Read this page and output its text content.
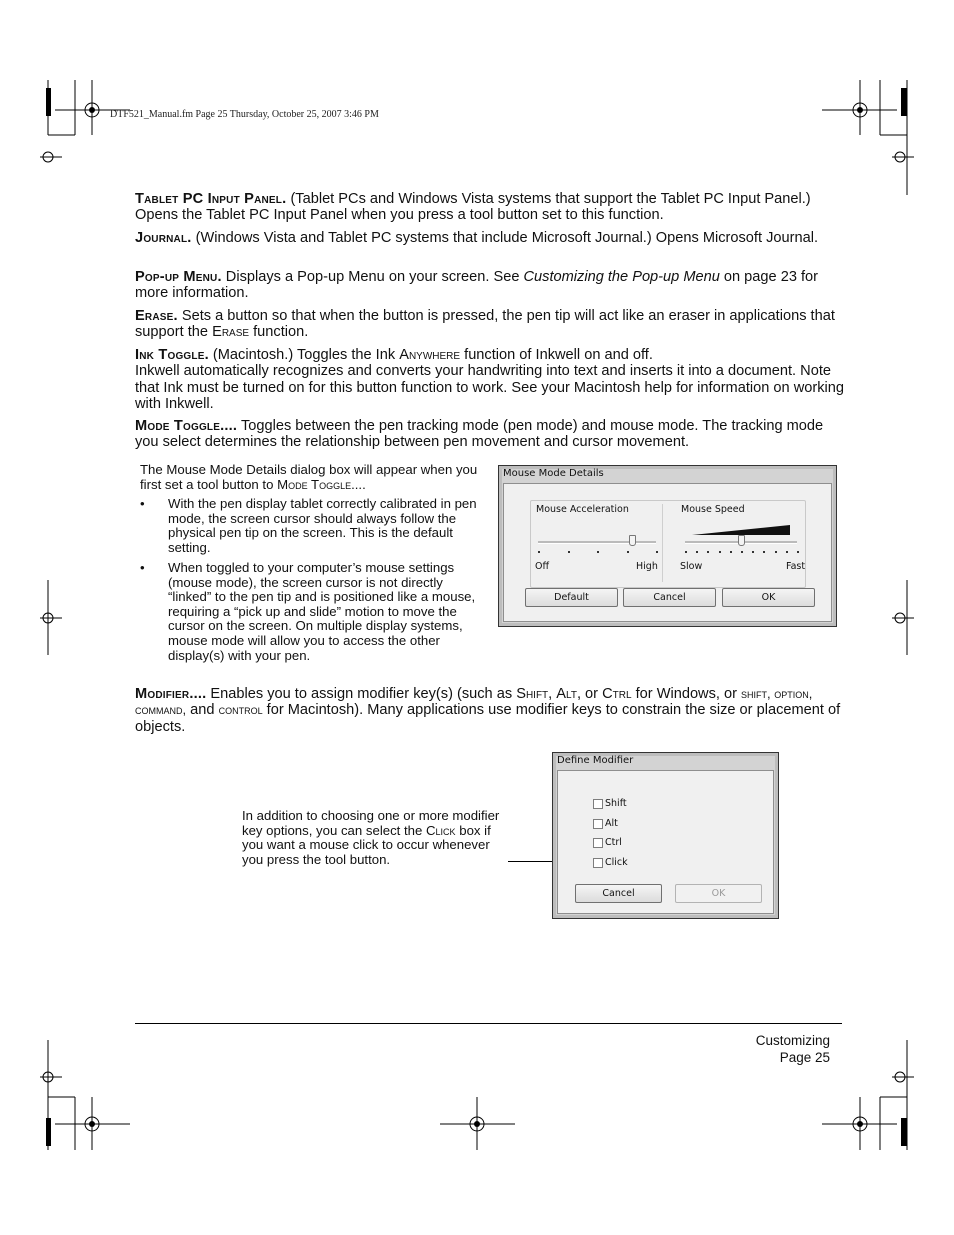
DTF521_Manual.fm Page 25 Thursday, October 25, 2007 3:46 PM
Tablet PC Input Panel. (Tablet PCs and Windows Vista systems that support the Tablet PC Input Panel.) Opens the Tablet PC Input Panel when you press a tool button set to this function.
Journal. (Windows Vista and Tablet PC systems that include Microsoft Journal.) Opens Microsoft Journal.
Pop-up Menu. Displays a Pop-up Menu on your screen. See Customizing the Pop-up Menu on page 23 for more information.
Erase. Sets a button so that when the button is pressed, the pen tip will act like an eraser in applications that support the Erase function.
Ink Toggle. (Macintosh.) Toggles the Ink Anywhere function of Inkwell on and off.
Inkwell automatically recognizes and converts your handwriting into text and inserts it into a document. Note that Ink must be turned on for this button function to work. See your Macintosh help for information on working with Inkwell.
Mode Toggle.... Toggles between the pen tracking mode (pen mode) and mouse mode. The tracking mode you select determines the relationship between pen movement and cursor movement.
The Mouse Mode Details dialog box will appear when you first set a tool button to Mode Toggle....
• With the pen display tablet correctly calibrated in pen mode, the screen cursor should always follow the physical pen tip on the screen. This is the default setting.
• When toggled to your computer’s mouse settings (mouse mode), the screen cursor is not directly “linked” to the pen tip and is positioned like a mouse, requiring a “pick up and slide” motion to move the cursor on the screen. On multiple display systems, mouse mode will allow you to access the other display(s) with your pen.
Mouse Mode Details
Mouse Acceleration
Off	High
Mouse Speed
Slow	Fast
Default	Cancel	OK
Modifier.... Enables you to assign modifier key(s) (such as Shift, Alt, or Ctrl for Windows, or shift, option, command, and control for Macintosh). Many applications use modifier keys to constrain the size or placement of objects.
In addition to choosing one or more modifier key options, you can select the Click box if you want a mouse click to occur whenever you press the tool button.
Define Modifier
Shift
Alt
Ctrl
Click
Cancel	OK
Customizing
Page 25
